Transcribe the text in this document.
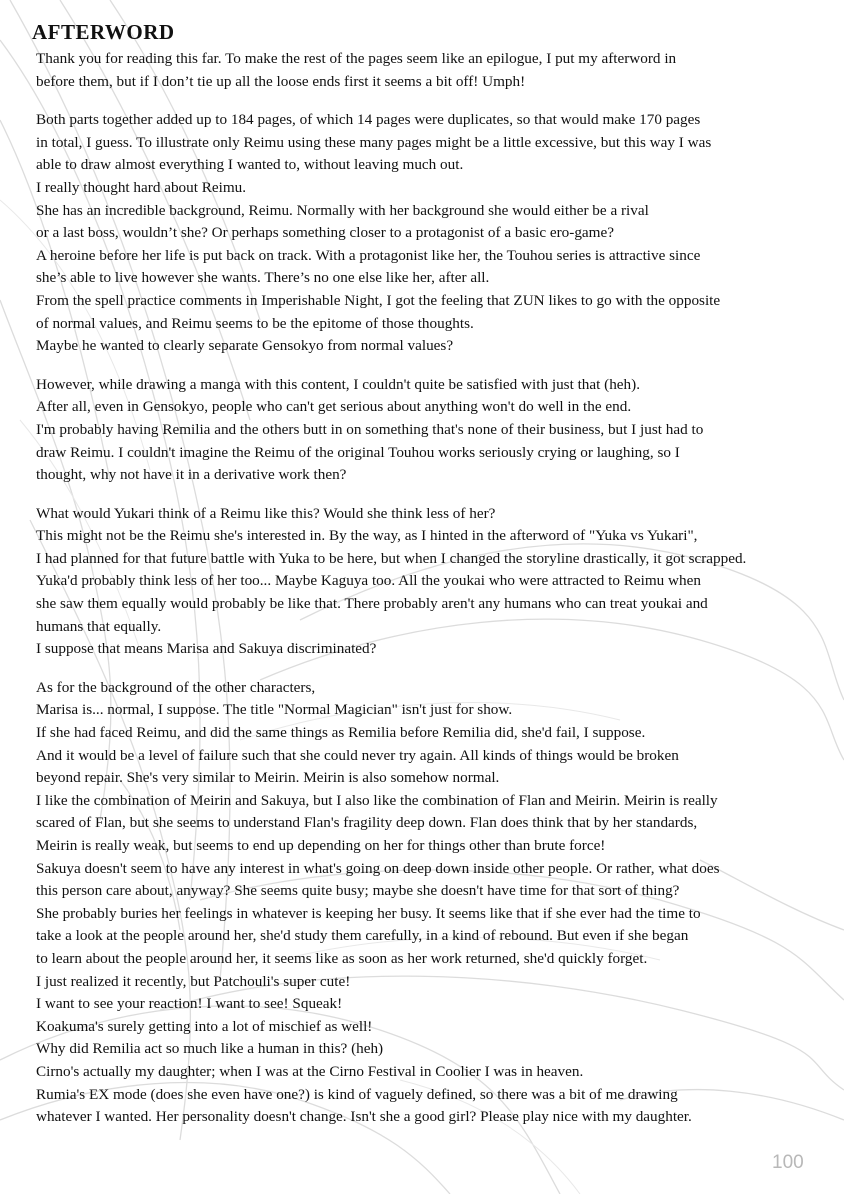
AFTERWORD
Thank you for reading this far. To make the rest of the pages seem like an epilogue, I put my afterword in
before them, but if I don’t tie up all the loose ends first it seems a bit off! Umph!
Both parts together added up to 184 pages, of which 14 pages were duplicates, so that would make 170 pages
in total, I guess. To illustrate only Reimu using these many pages might be a little excessive, but this way I was
able to draw almost everything I wanted to, without leaving much out.
I really thought hard about Reimu.
She has an incredible background, Reimu. Normally with her background she would either be a rival
or a last boss, wouldn’t she? Or perhaps something closer to a protagonist of a basic ero-game?
A heroine before her life is put back on track. With a protagonist like her, the Touhou series is attractive since
she’s able to live however she wants. There’s no one else like her, after all.
From the spell practice comments in Imperishable Night, I got the feeling that ZUN likes to go with the opposite
of normal values, and Reimu seems to be the epitome of those thoughts.
Maybe he wanted to clearly separate Gensokyo from normal values?
However, while drawing a manga with this content, I couldn't quite be satisfied with just that (heh).
After all, even in Gensokyo, people who can't get serious about anything won't do well in the end.
I'm probably having Remilia and the others butt in on something that's none of their business, but I just had to
draw Reimu. I couldn't imagine the Reimu of the original Touhou works seriously crying or laughing, so I
thought, why not have it in a derivative work then?
What would Yukari think of a Reimu like this? Would she think less of her?
This might not be the Reimu she's interested in. By the way, as I hinted in the afterword of "Yuka vs Yukari",
I had planned for that future battle with Yuka to be here, but when I changed the storyline drastically, it got scrapped.
Yuka'd probably think less of her too... Maybe Kaguya too. All the youkai who were attracted to Reimu when
she saw them equally would probably be like that. There probably aren't any humans who can treat youkai and
humans that equally.
I suppose that means Marisa and Sakuya discriminated?
As for the background of the other characters,
Marisa is... normal, I suppose. The title "Normal Magician" isn't just for show.
If she had faced Reimu, and did the same things as Remilia before Remilia did, she'd fail, I suppose.
And it would be a level of failure such that she could never try again. All kinds of things would be broken
beyond repair. She's very similar to Meirin. Meirin is also somehow normal.
I like the combination of Meirin and Sakuya, but I also like the combination of Flan and Meirin. Meirin is really
scared of Flan, but she seems to understand Flan's fragility deep down. Flan does think that by her standards,
Meirin is really weak, but seems to end up depending on her for things other than brute force!
Sakuya doesn't seem to have any interest in what's going on deep down inside other people. Or rather, what does
this person care about, anyway? She seems quite busy; maybe she doesn't have time for that sort of thing?
She probably buries her feelings in whatever is keeping her busy. It seems like that if she ever had the time to
take a look at the people around her, she'd study them carefully, in a kind of rebound. But even if she began
to learn about the people around her, it seems like as soon as her work returned, she'd quickly forget.
I just realized it recently, but Patchouli's super cute!
I want to see your reaction! I want to see! Squeak!
Koakuma's surely getting into a lot of mischief as well!
Why did Remilia act so much like a human in this? (heh)
Cirno's actually my daughter; when I was at the Cirno Festival in Coolier I was in heaven.
Rumia's EX mode (does she even have one?) is kind of vaguely defined, so there was a bit of me drawing
whatever I wanted. Her personality doesn't change. Isn't she a good girl? Please play nice with my daughter.
100
